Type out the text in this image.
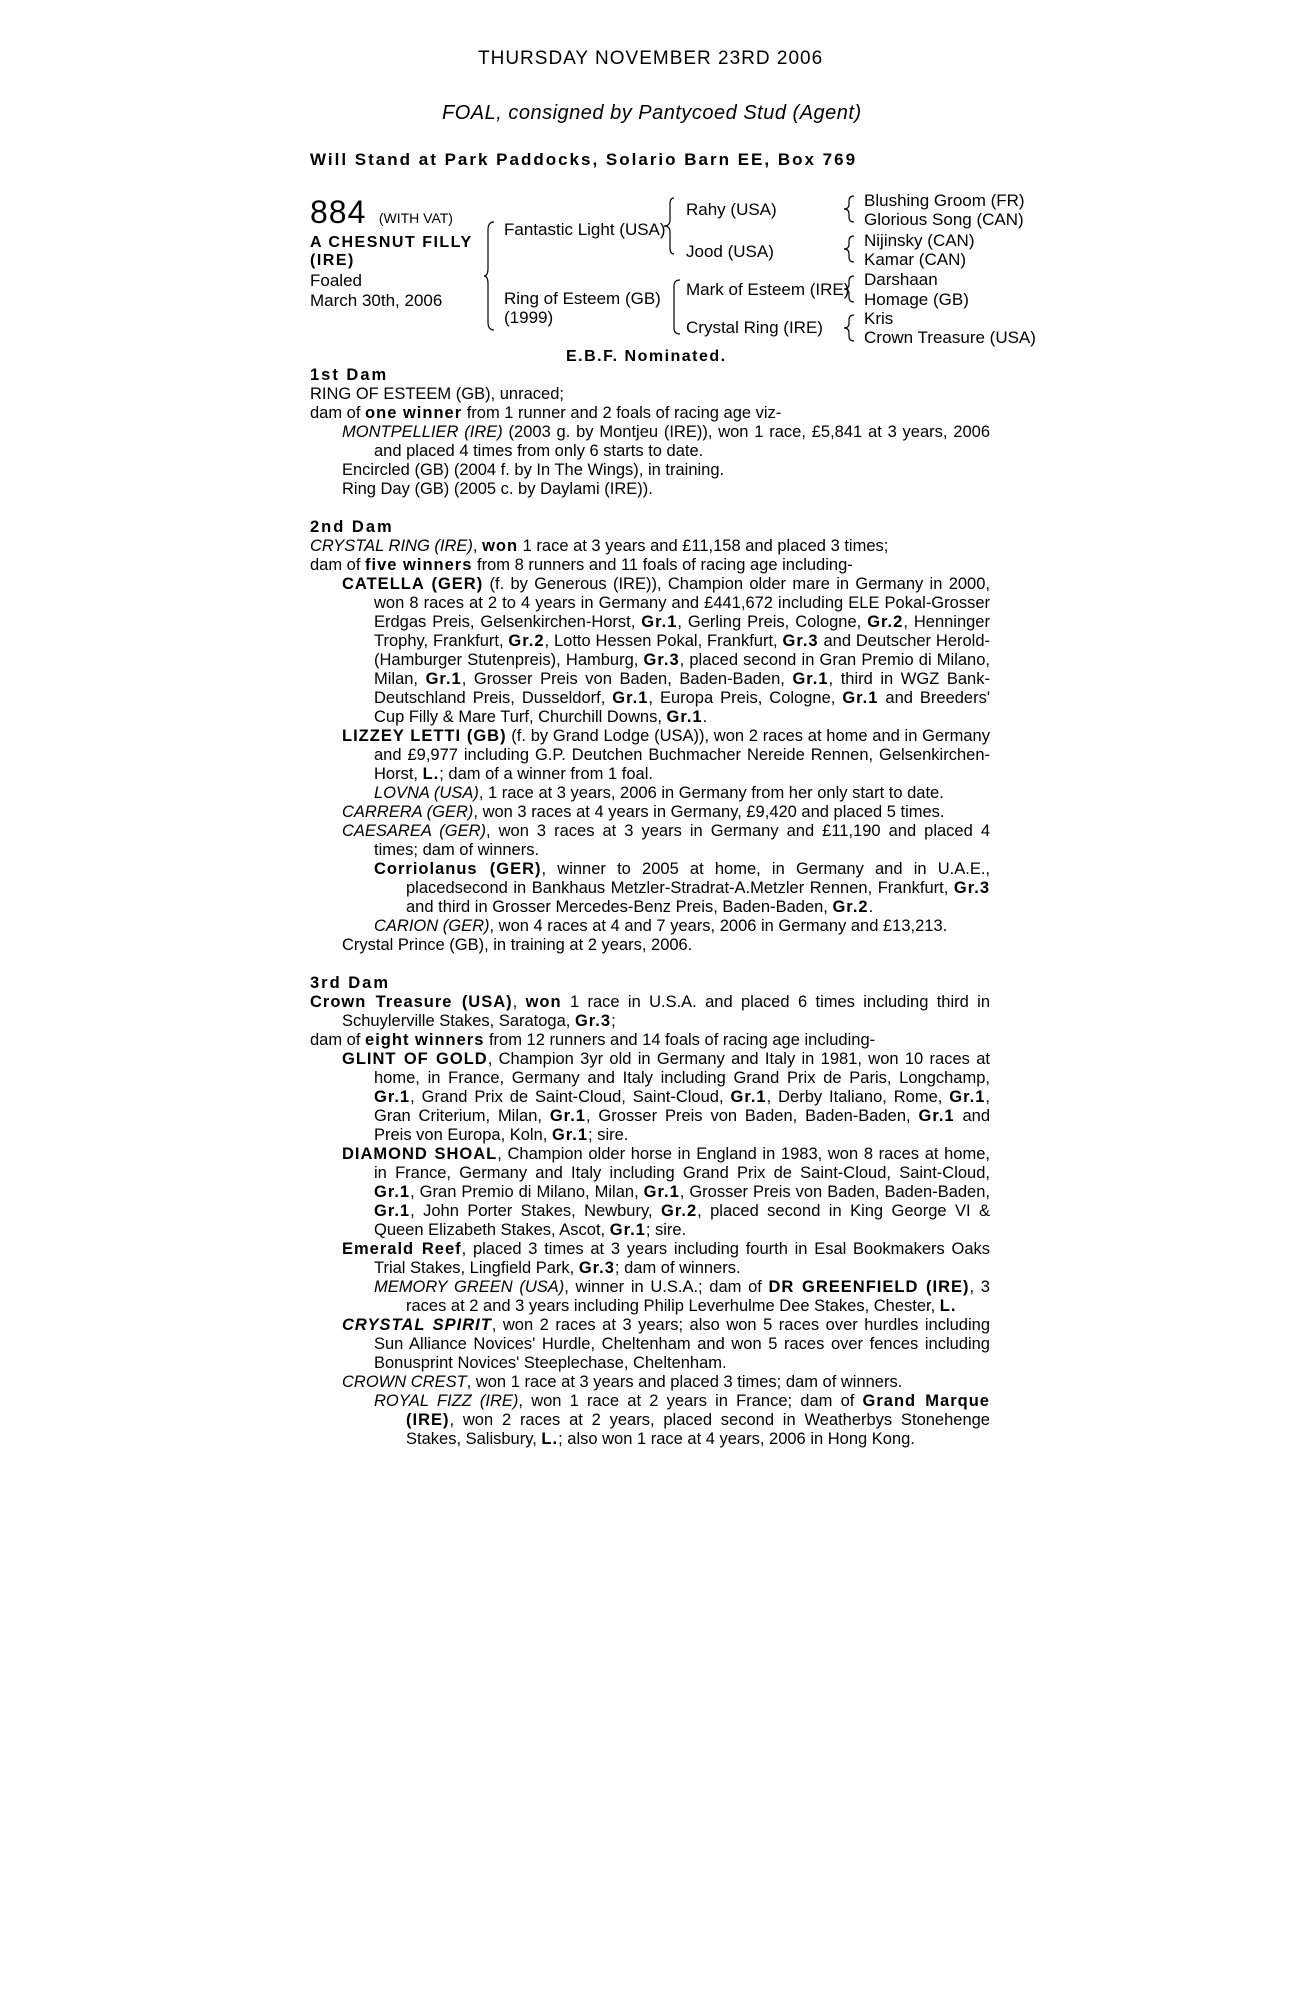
THURSDAY NOVEMBER 23RD 2006
FOAL, consigned by Pantycoed Stud (Agent)
Will Stand at Park Paddocks, Solario Barn EE, Box 769
884 (WITH VAT)
A CHESNUT FILLY
(IRE)
Foaled
March 30th, 2006
Fantastic Light (USA)
Ring of Esteem (GB)
(1999)
Rahy (USA)
Jood (USA)
Mark of Esteem (IRE)
Crystal Ring (IRE)
Blushing Groom (FR)
Glorious Song (CAN)
Nijinsky (CAN)
Kamar (CAN)
Darshaan
Homage (GB)
Kris
Crown Treasure (USA)
E.B.F. Nominated.

1st Dam

RING OF ESTEEM (GB), unraced;

dam of one winner from 1 runner and 2 foals of racing age viz-

MONTPELLIER (IRE) (2003 g. by Montjeu (IRE)), won 1 race, £5,841 at 3 years, 2006 and placed 4 times from only 6 starts to date.

Encircled (GB) (2004 f. by In The Wings), in training.

Ring Day (GB) (2005 c. by Daylami (IRE)).

2nd Dam

CRYSTAL RING (IRE), won 1 race at 3 years and £11,158 and placed 3 times;

dam of five winners from 8 runners and 11 foals of racing age including-

CATELLA (GER) (f. by Generous (IRE)), Champion older mare in Germany in 2000, won 8 races at 2 to 4 years in Germany and £441,672 including ELE Pokal-Grosser Erdgas Preis, Gelsenkirchen-Horst, Gr.1, Gerling Preis, Cologne, Gr.2, Henninger Trophy, Frankfurt, Gr.2, Lotto Hessen Pokal, Frankfurt, Gr.3 and Deutscher Herold-(Hamburger Stutenpreis), Hamburg, Gr.3, placed second in Gran Premio di Milano, Milan, Gr.1, Grosser Preis von Baden, Baden-Baden, Gr.1, third in WGZ Bank-Deutschland Preis, Dusseldorf, Gr.1, Europa Preis, Cologne, Gr.1 and Breeders' Cup Filly & Mare Turf, Churchill Downs, Gr.1.

LIZZEY LETTI (GB) (f. by Grand Lodge (USA)), won 2 races at home and in Germany and £9,977 including G.P. Deutchen Buchmacher Nereide Rennen, Gelsenkirchen-Horst, L.; dam of a winner from 1 foal.

LOVNA (USA), 1 race at 3 years, 2006 in Germany from her only start to date.

CARRERA (GER), won 3 races at 4 years in Germany, £9,420 and placed 5 times.

CAESAREA (GER), won 3 races at 3 years in Germany and £11,190 and placed 4 times; dam of winners.

Corriolanus (GER), winner to 2005 at home, in Germany and in U.A.E., placedsecond in Bankhaus Metzler-Stradrat-A.Metzler Rennen, Frankfurt, Gr.3 and third in Grosser Mercedes-Benz Preis, Baden-Baden, Gr.2.

CARION (GER), won 4 races at 4 and 7 years, 2006 in Germany and £13,213.

Crystal Prince (GB), in training at 2 years, 2006.

3rd Dam

Crown Treasure (USA), won 1 race in U.S.A. and placed 6 times including third in Schuylerville Stakes, Saratoga, Gr.3;

dam of eight winners from 12 runners and 14 foals of racing age including-

GLINT OF GOLD, Champion 3yr old in Germany and Italy in 1981, won 10 races at home, in France, Germany and Italy including Grand Prix de Paris, Longchamp, Gr.1, Grand Prix de Saint-Cloud, Saint-Cloud, Gr.1, Derby Italiano, Rome, Gr.1, Gran Criterium, Milan, Gr.1, Grosser Preis von Baden, Baden-Baden, Gr.1 and Preis von Europa, Koln, Gr.1; sire.

DIAMOND SHOAL, Champion older horse in England in 1983, won 8 races at home, in France, Germany and Italy including Grand Prix de Saint-Cloud, Saint-Cloud, Gr.1, Gran Premio di Milano, Milan, Gr.1, Grosser Preis von Baden, Baden-Baden, Gr.1, John Porter Stakes, Newbury, Gr.2, placed second in King George VI & Queen Elizabeth Stakes, Ascot, Gr.1; sire.

Emerald Reef, placed 3 times at 3 years including fourth in Esal Bookmakers Oaks Trial Stakes, Lingfield Park, Gr.3; dam of winners.

MEMORY GREEN (USA), winner in U.S.A.; dam of DR GREENFIELD (IRE), 3 races at 2 and 3 years including Philip Leverhulme Dee Stakes, Chester, L.

CRYSTAL SPIRIT, won 2 races at 3 years; also won 5 races over hurdles including Sun Alliance Novices' Hurdle, Cheltenham and won 5 races over fences including Bonusprint Novices' Steeplechase, Cheltenham.

CROWN CREST, won 1 race at 3 years and placed 3 times; dam of winners.

ROYAL FIZZ (IRE), won 1 race at 2 years in France; dam of Grand Marque (IRE), won 2 races at 2 years, placed second in Weatherbys Stonehenge Stakes, Salisbury, L.; also won 1 race at 4 years, 2006 in Hong Kong.
